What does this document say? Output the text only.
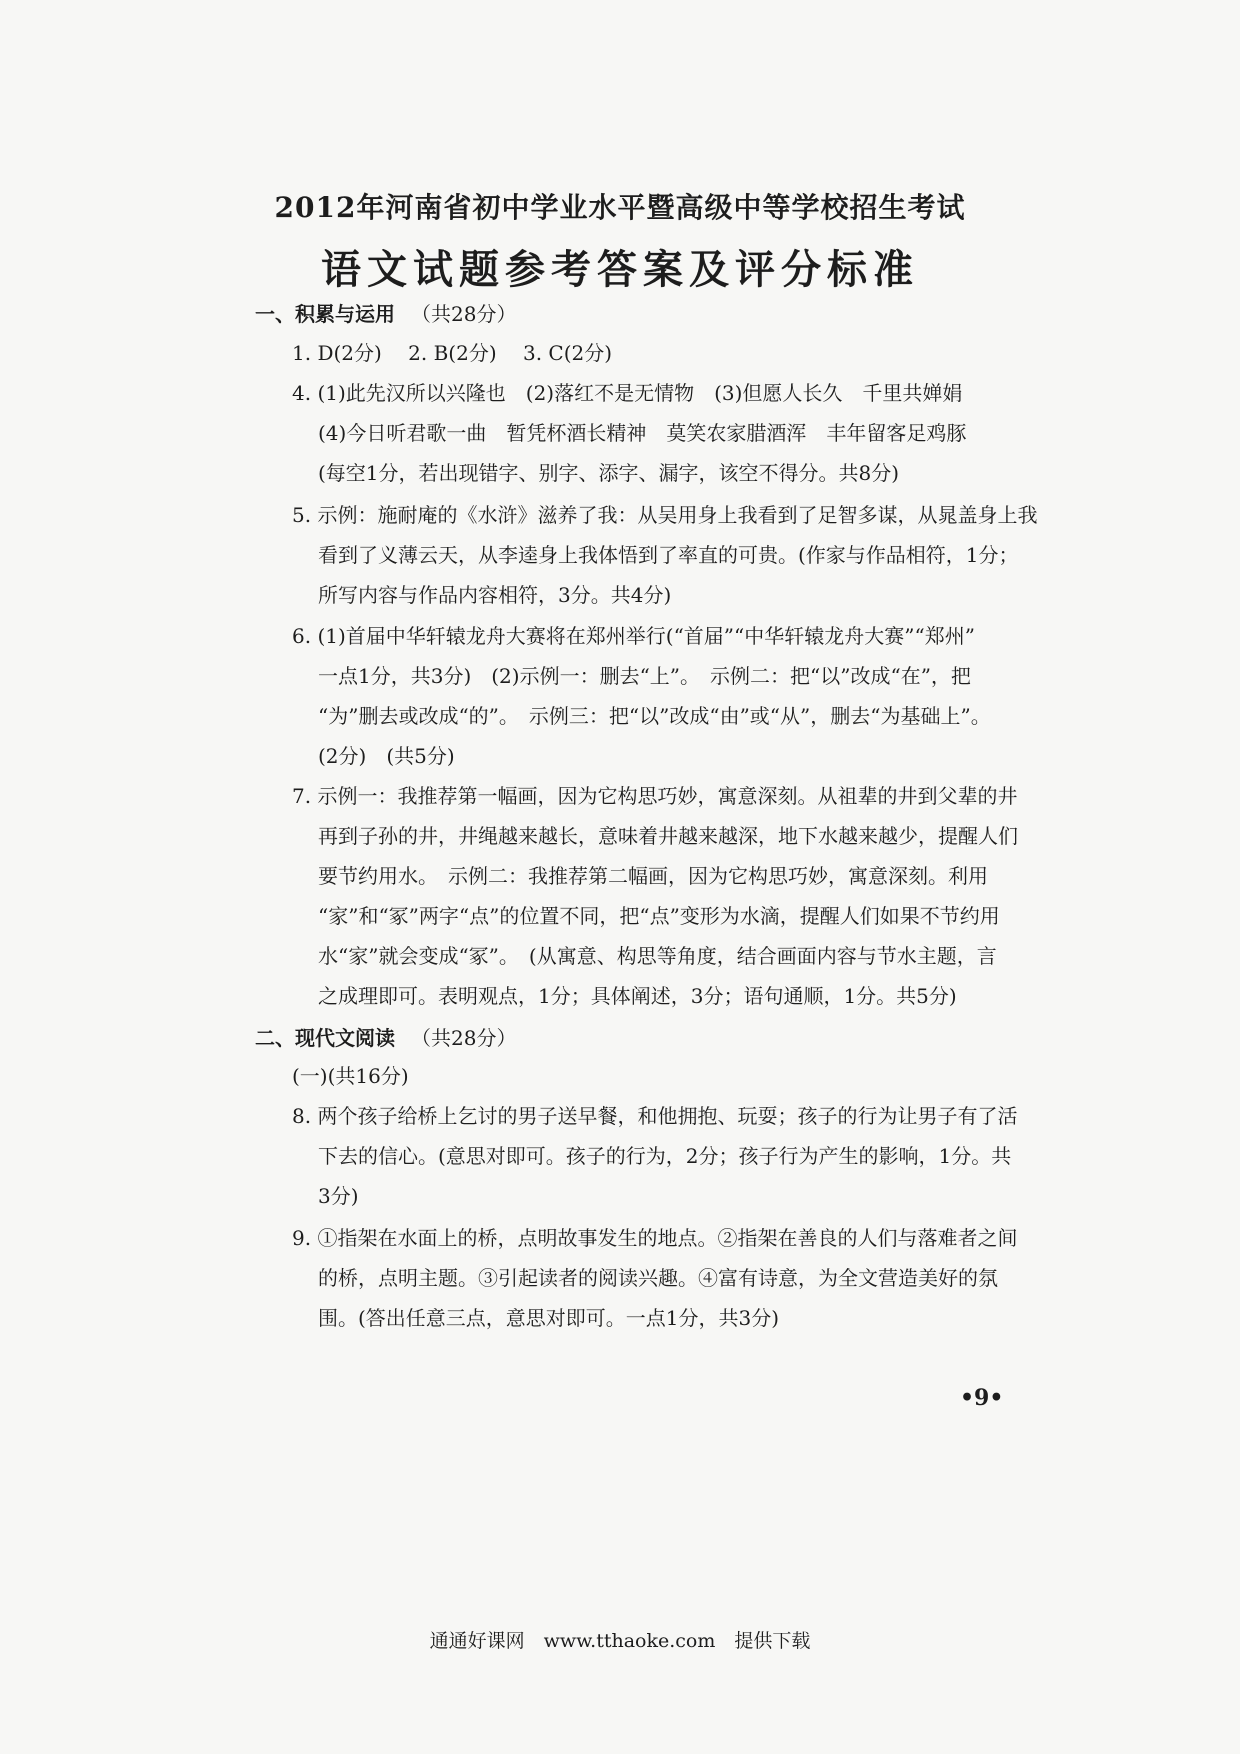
2012年河南省初中学业水平暨高级中等学校招生考试
语文试题参考答案及评分标准
一、积累与运用 （共28分）
1. D(2分)　 2. B(2分)　 3. C(2分)
4. (1)此先汉所以兴隆也　(2)落红不是无情物　(3)但愿人长久　千里共婵娟
(4)今日听君歌一曲　暂凭杯酒长精神　莫笑农家腊酒浑　丰年留客足鸡豚
(每空1分，若出现错字、别字、添字、漏字，该空不得分。共8分)
5. 示例：施耐庵的《水浒》滋养了我：从吴用身上我看到了足智多谋，从晁盖身上我
看到了义薄云天，从李逵身上我体悟到了率直的可贵。(作家与作品相符，1分；
所写内容与作品内容相符，3分。共4分)
6. (1)首届中华轩辕龙舟大赛将在郑州举行(“首届”“中华轩辕龙舟大赛”“郑州”
一点1分，共3分)　(2)示例一：删去“上”。　示例二：把“以”改成“在”，把
“为”删去或改成“的”。　示例三：把“以”改成“由”或“从”，删去“为基础上”。
(2分)　(共5分)
7. 示例一：我推荐第一幅画，因为它构思巧妙，寓意深刻。从祖辈的井到父辈的井
再到子孙的井，井绳越来越长，意味着井越来越深，地下水越来越少，提醒人们
要节约用水。　示例二：我推荐第二幅画，因为它构思巧妙，寓意深刻。利用
“家”和“冢”两字“点”的位置不同，把“点”变形为水滴，提醒人们如果不节约用
水“家”就会变成“冢”。　(从寓意、构思等角度，结合画面内容与节水主题，言
之成理即可。表明观点，1分；具体阐述，3分；语句通顺，1分。共5分)
二、现代文阅读 （共28分）
(一)(共16分)
8. 两个孩子给桥上乞讨的男子送早餐，和他拥抱、玩耍；孩子的行为让男子有了活
下去的信心。(意思对即可。孩子的行为，2分；孩子行为产生的影响，1分。共
3分)
9. ①指架在水面上的桥，点明故事发生的地点。②指架在善良的人们与落难者之间
的桥，点明主题。③引起读者的阅读兴趣。④富有诗意，为全文营造美好的氛
围。(答出任意三点，意思对即可。一点1分，共3分)
•9•
通通好课网　www.tthaoke.com　提供下载
